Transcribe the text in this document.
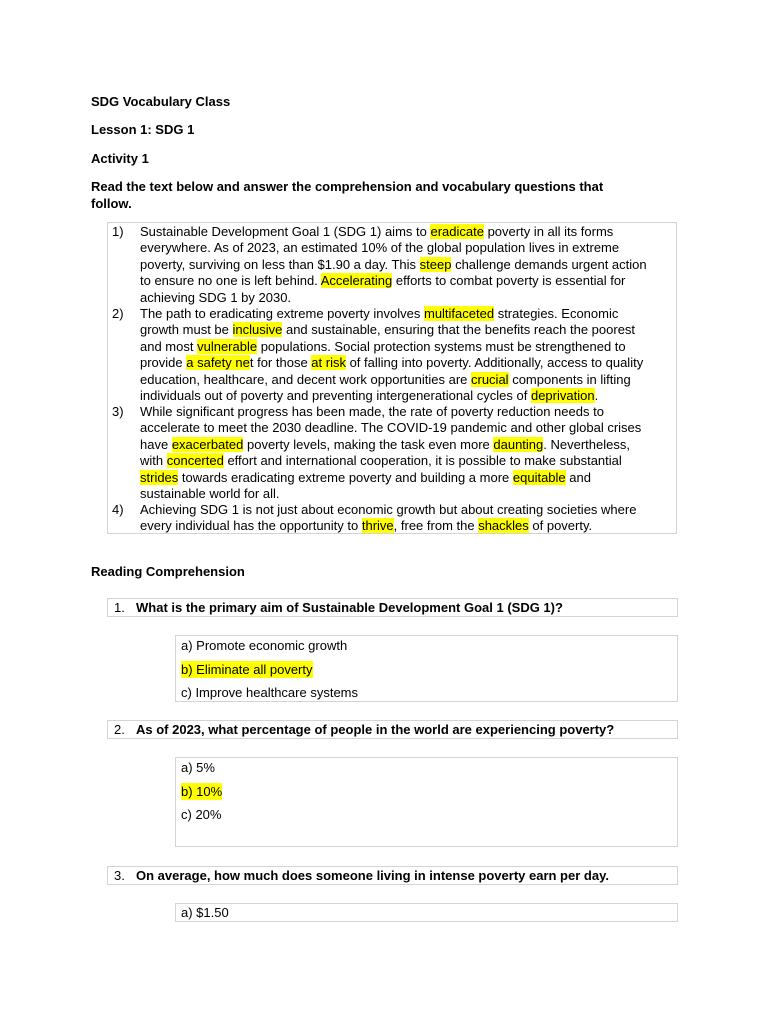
SDG Vocabulary Class
Lesson 1: SDG 1
Activity 1
Read the text below and answer the comprehension and vocabulary questions that
follow.
1)	Sustainable Development Goal 1 (SDG 1) aims to eradicate poverty in all its forms
everywhere. As of 2023, an estimated 10% of the global population lives in extreme
poverty, surviving on less than $1.90 a day. This steep challenge demands urgent action
to ensure no one is left behind. Accelerating efforts to combat poverty is essential for
achieving SDG 1 by 2030.
2)	The path to eradicating extreme poverty involves multifaceted strategies. Economic
growth must be inclusive and sustainable, ensuring that the benefits reach the poorest
and most vulnerable populations. Social protection systems must be strengthened to
provide a safety net for those at risk of falling into poverty. Additionally, access to quality
education, healthcare, and decent work opportunities are crucial components in lifting
individuals out of poverty and preventing intergenerational cycles of deprivation.
3)	While significant progress has been made, the rate of poverty reduction needs to
accelerate to meet the 2030 deadline. The COVID-19 pandemic and other global crises
have exacerbated poverty levels, making the task even more daunting. Nevertheless,
with concerted effort and international cooperation, it is possible to make substantial
strides towards eradicating extreme poverty and building a more equitable and
sustainable world for all.
4)	Achieving SDG 1 is not just about economic growth but about creating societies where
every individual has the opportunity to thrive, free from the shackles of poverty.
Reading Comprehension
1. What is the primary aim of Sustainable Development Goal 1 (SDG 1)?
a) Promote economic growth
b) Eliminate all poverty
c) Improve healthcare systems
2. As of 2023, what percentage of people in the world are experiencing poverty?
a) 5%
b) 10%
c) 20%
3. On average, how much does someone living in intense poverty earn per day.
a) $1.50
